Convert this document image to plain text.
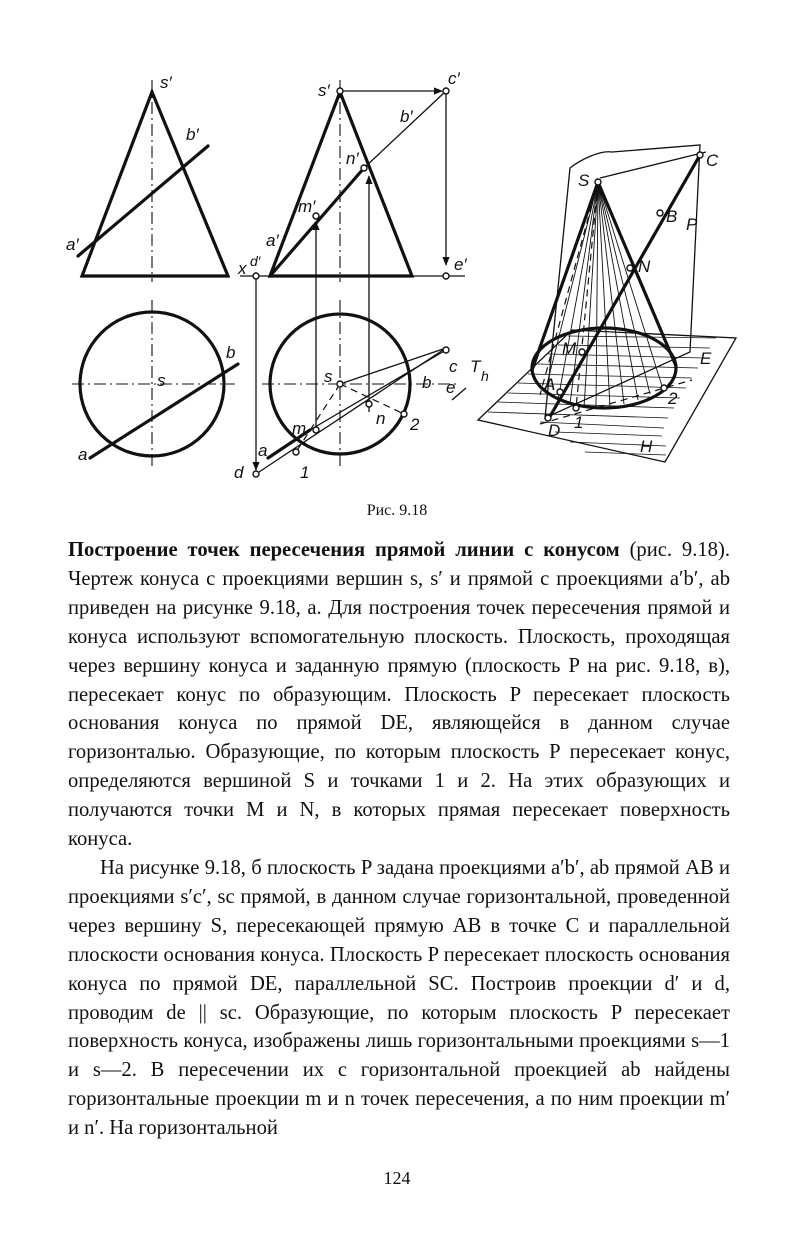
s′
b′
a′
s
b
a
s′
c′
b′
n′
m′
a′
x d′	e′
s
c
b e
T h
n 2
m
a
d	1
S
C
B P
N
M
A
D 1
2
E
H
Рис. 9.18

Построение точек пересечения прямой линии с конусом (рис. 9.18). Чертеж конуса с проекциями вершин s, s′ и прямой с проекциями a′b′, ab приведен на рисунке 9.18, а. Для построения точек пересечения прямой и конуса используют вспомогательную плоскость. Плоскость, проходящая через вершину конуса и заданную прямую (плоскость P на рис. 9.18, в), пересекает конус по образующим. Плоскость P пересекает плоскость основания конуса по прямой DE, являющейся в данном случае горизонталью. Образующие, по которым плоскость P пересекает конус, определяются вершиной S и точками 1 и 2. На этих образующих и получаются точки M и N, в которых прямая пересекает поверхность конуса.

На рисунке 9.18, б плоскость P задана проекциями a′b′, ab прямой AB и проекциями s′c′, sc прямой, в данном случае горизонтальной, проведенной через вершину S, пересекающей прямую AB в точке C и параллельной плоскости основания конуса. Плоскость P пересекает плоскость основания конуса по прямой DE, параллельной SC. Построив проекции d′ и d, проводим de || sc. Образующие, по которым плоскость P пересекает поверхность конуса, изображены лишь горизонтальными проекциями s—1 и s—2. В пересечении их с горизонтальной проекцией ab найдены горизонтальные проекции m и n точек пересечения, а по ним проекции m′ и n′. На горизонтальной

124
